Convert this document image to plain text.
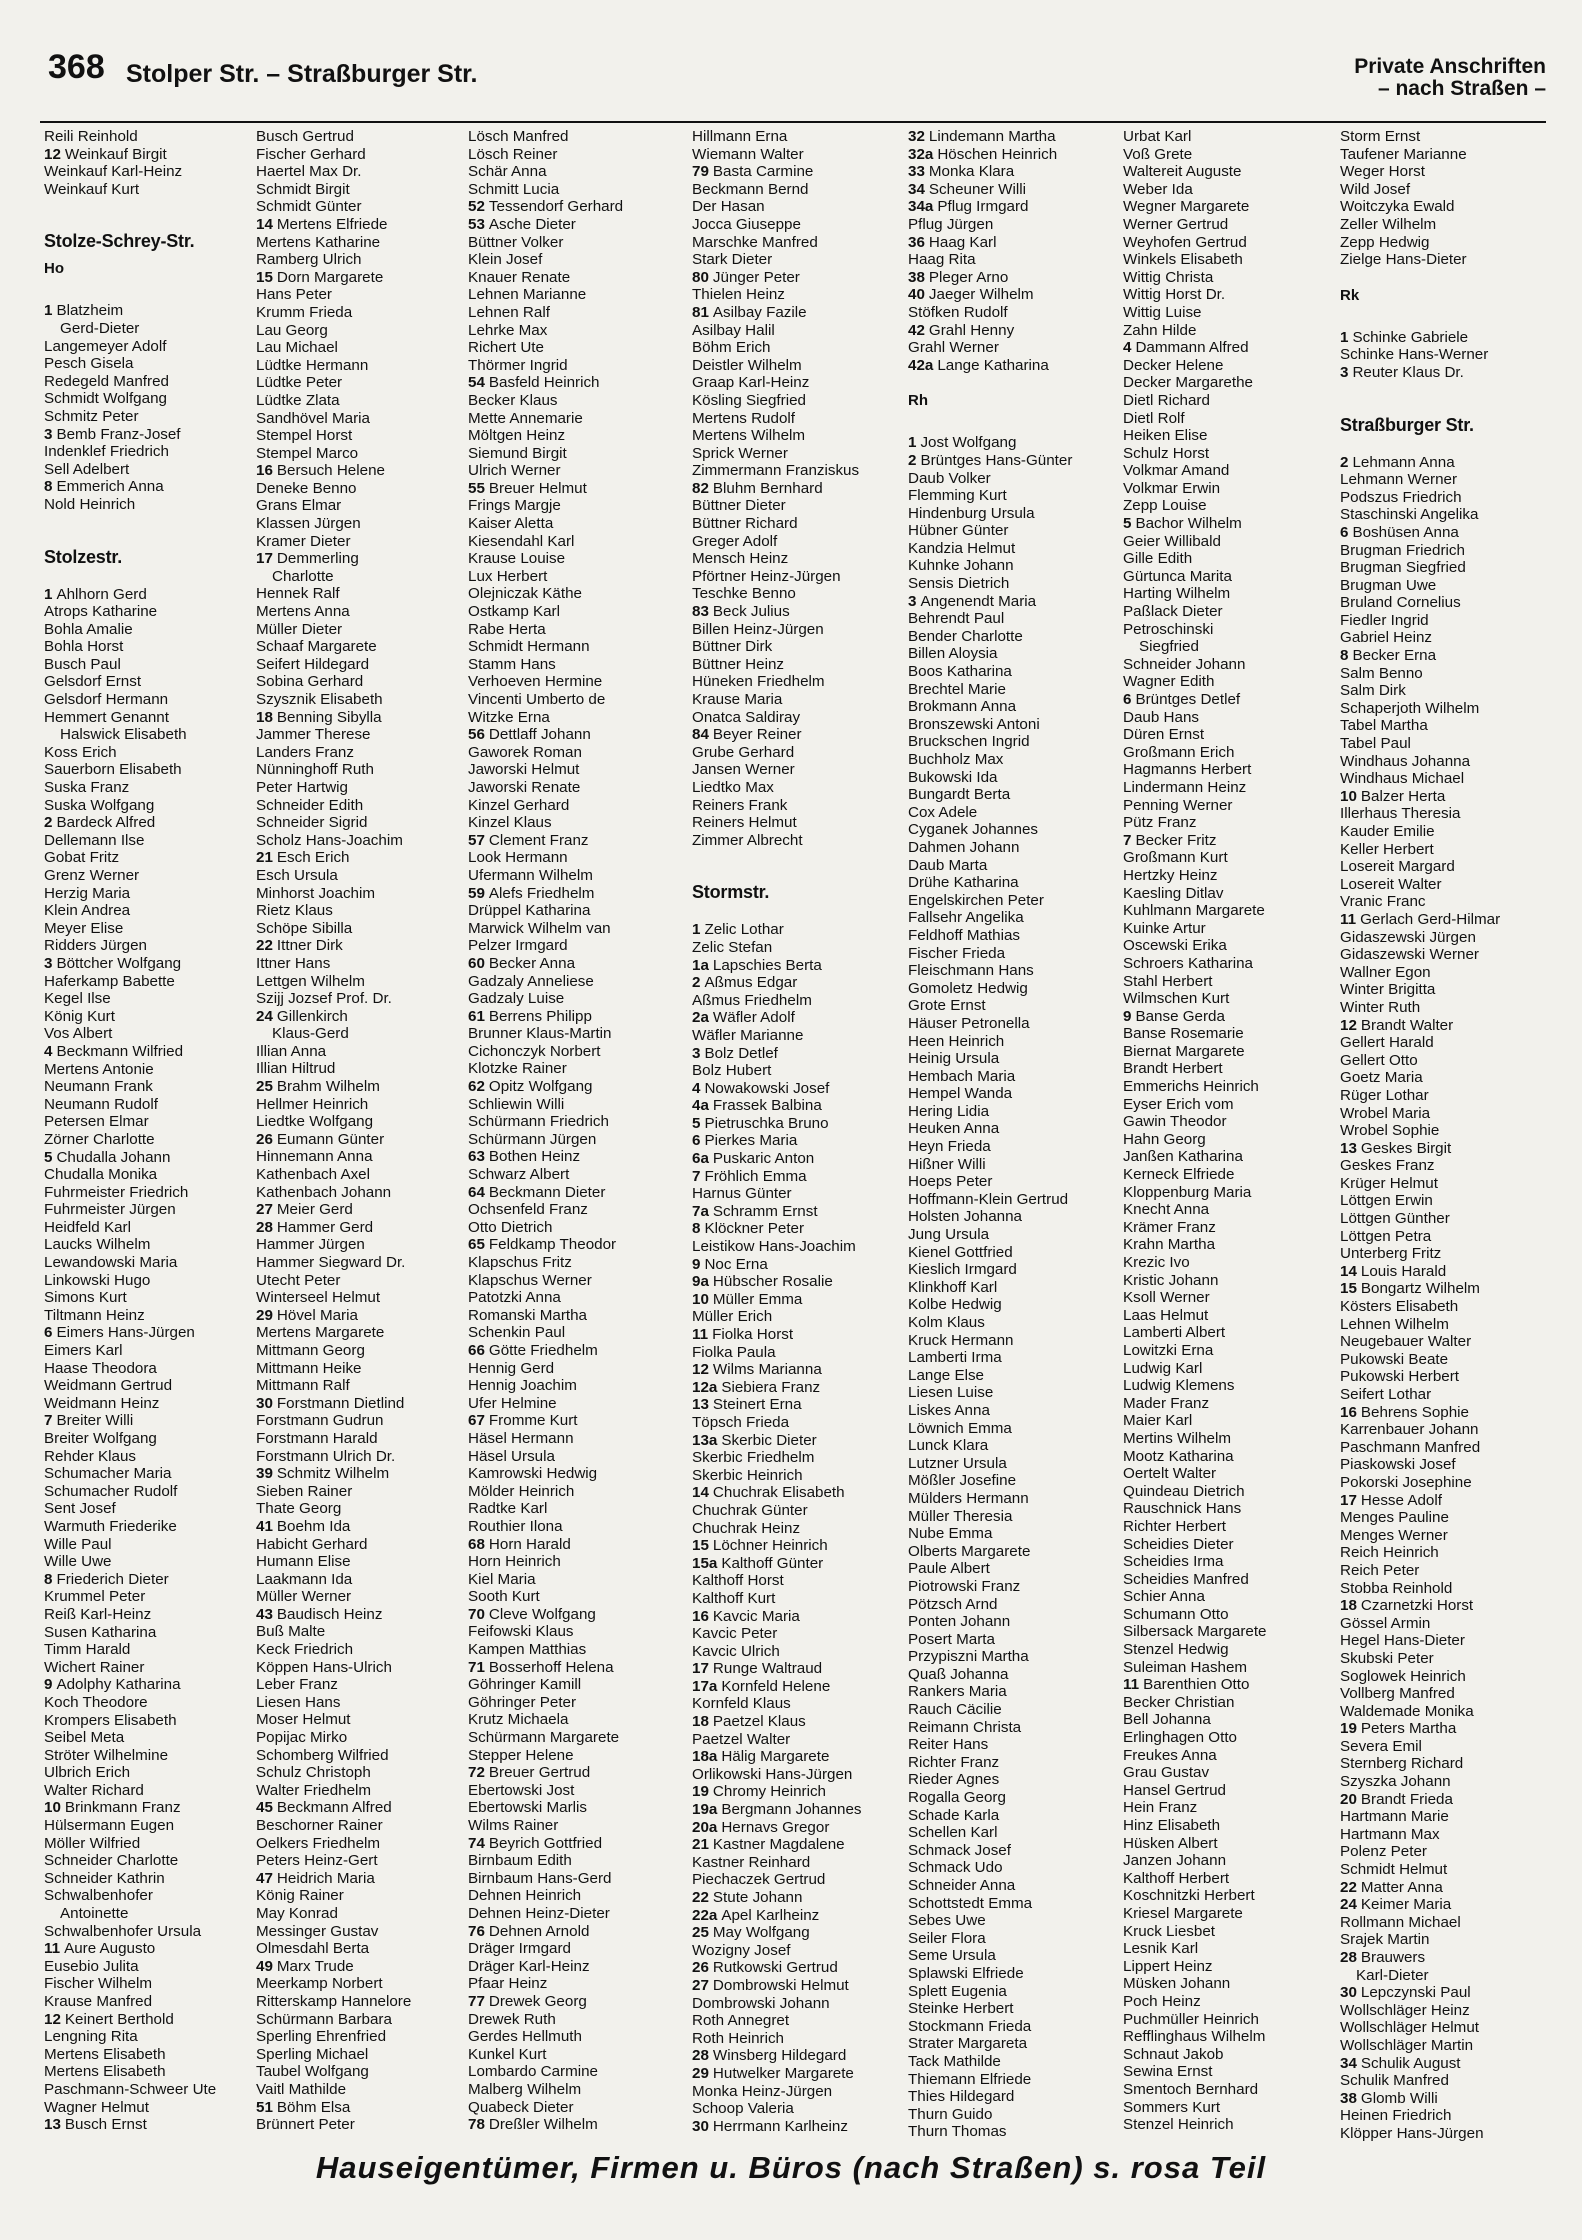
368 Stolper Str. – Straßburger Str.	Private Anschriften
– nach Straßen –
Reili Reinhold
12 Weinkauf Birgit
Weinkauf Karl-Heinz
Weinkauf Kurt
Stolze-Schrey-Str.
Ho
1 Blatzheim
Gerd-Dieter
Langemeyer Adolf
Pesch Gisela
Redegeld Manfred
Schmidt Wolfgang
Schmitz Peter
3 Bemb Franz-Josef
Indenklef Friedrich
Sell Adelbert
8 Emmerich Anna
Nold Heinrich
Stolzestr.
1 Ahlhorn Gerd
Atrops Katharine
Bohla Amalie
Bohla Horst
Busch Paul
Gelsdorf Ernst
Gelsdorf Hermann
Hemmert Genannt
Halswick Elisabeth
Koss Erich
Sauerborn Elisabeth
Suska Franz
Suska Wolfgang
2 Bardeck Alfred
Dellemann Ilse
Gobat Fritz
Grenz Werner
Herzig Maria
Klein Andrea
Meyer Elise
Ridders Jürgen
3 Böttcher Wolfgang
Haferkamp Babette
Kegel Ilse
König Kurt
Vos Albert
4 Beckmann Wilfried
Mertens Antonie
Neumann Frank
Neumann Rudolf
Petersen Elmar
Zörner Charlotte
5 Chudalla Johann
Chudalla Monika
Fuhrmeister Friedrich
Fuhrmeister Jürgen
Heidfeld Karl
Laucks Wilhelm
Lewandowski Maria
Linkowski Hugo
Simons Kurt
Tiltmann Heinz
6 Eimers Hans-Jürgen
Eimers Karl
Haase Theodora
Weidmann Gertrud
Weidmann Heinz
7 Breiter Willi
Breiter Wolfgang
Rehder Klaus
Schumacher Maria
Schumacher Rudolf
Sent Josef
Warmuth Friederike
Wille Paul
Wille Uwe
8 Friederich Dieter
Krummel Peter
Reiß Karl-Heinz
Susen Katharina
Timm Harald
Wichert Rainer
9 Adolphy Katharina
Koch Theodore
Krompers Elisabeth
Seibel Meta
Ströter Wilhelmine
Ulbrich Erich
Walter Richard
10 Brinkmann Franz
Hülsermann Eugen
Möller Wilfried
Schneider Charlotte
Schneider Kathrin
Schwalbenhofer
Antoinette
Schwalbenhofer Ursula
11 Aure Augusto
Eusebio Julita
Fischer Wilhelm
Krause Manfred
12 Keinert Berthold
Lengning Rita
Mertens Elisabeth
Mertens Elisabeth
Paschmann-Schweer Ute
Wagner Helmut
13 Busch Ernst
Busch Gertrud
Fischer Gerhard
Haertel Max Dr.
Schmidt Birgit
Schmidt Günter
14 Mertens Elfriede
Mertens Katharine
Ramberg Ulrich
15 Dorn Margarete
Hans Peter
Krumm Frieda
Lau Georg
Lau Michael
Lüdtke Hermann
Lüdtke Peter
Lüdtke Zlata
Sandhövel Maria
Stempel Horst
Stempel Marco
16 Bersuch Helene
Deneke Benno
Grans Elmar
Klassen Jürgen
Kramer Dieter
17 Demmerling
Charlotte
Hennek Ralf
Mertens Anna
Müller Dieter
Schaaf Margarete
Seifert Hildegard
Sobina Gerhard
Szysznik Elisabeth
18 Benning Sibylla
Jammer Therese
Landers Franz
Nünninghoff Ruth
Peter Hartwig
Schneider Edith
Schneider Sigrid
Scholz Hans-Joachim
21 Esch Erich
Esch Ursula
Minhorst Joachim
Rietz Klaus
Schöpe Sibilla
22 Ittner Dirk
Ittner Hans
Lettgen Wilhelm
Szijj Jozsef Prof. Dr.
24 Gillenkirch
Klaus-Gerd
Illian Anna
Illian Hiltrud
25 Brahm Wilhelm
Hellmer Heinrich
Liedtke Wolfgang
26 Eumann Günter
Hinnemann Anna
Kathenbach Axel
Kathenbach Johann
27 Meier Gerd
28 Hammer Gerd
Hammer Jürgen
Hammer Siegward Dr.
Utecht Peter
Winterseel Helmut
29 Hövel Maria
Mertens Margarete
Mittmann Georg
Mittmann Heike
Mittmann Ralf
30 Forstmann Dietlind
Forstmann Gudrun
Forstmann Harald
Forstmann Ulrich Dr.
39 Schmitz Wilhelm
Sieben Rainer
Thate Georg
41 Boehm Ida
Habicht Gerhard
Humann Elise
Laakmann Ida
Müller Werner
43 Baudisch Heinz
Buß Malte
Keck Friedrich
Köppen Hans-Ulrich
Leber Franz
Liesen Hans
Moser Helmut
Popijac Mirko
Schomberg Wilfried
Schulz Christoph
Walter Friedhelm
45 Beckmann Alfred
Beschorner Rainer
Oelkers Friedhelm
Peters Heinz-Gert
47 Heidrich Maria
König Rainer
May Konrad
Messinger Gustav
Olmesdahl Berta
49 Marx Trude
Meerkamp Norbert
Ritterskamp Hannelore
Schürmann Barbara
Sperling Ehrenfried
Sperling Michael
Taubel Wolfgang
Vaitl Mathilde
51 Böhm Elsa
Brünnert Peter
Lösch Manfred
Lösch Reiner
Schär Anna
Schmitt Lucia
52 Tessendorf Gerhard
53 Asche Dieter
Büttner Volker
Klein Josef
Knauer Renate
Lehnen Marianne
Lehnen Ralf
Lehrke Max
Richert Ute
Thörmer Ingrid
54 Basfeld Heinrich
Becker Klaus
Mette Annemarie
Möltgen Heinz
Siemund Birgit
Ulrich Werner
55 Breuer Helmut
Frings Margje
Kaiser Aletta
Kiesendahl Karl
Krause Louise
Lux Herbert
Olejniczak Käthe
Ostkamp Karl
Rabe Herta
Schmidt Hermann
Stamm Hans
Verhoeven Hermine
Vincenti Umberto de
Witzke Erna
56 Dettlaff Johann
Gaworek Roman
Jaworski Helmut
Jaworski Renate
Kinzel Gerhard
Kinzel Klaus
57 Clement Franz
Look Hermann
Ufermann Wilhelm
59 Alefs Friedhelm
Drüppel Katharina
Marwick Wilhelm van
Pelzer Irmgard
60 Becker Anna
Gadzaly Anneliese
Gadzaly Luise
61 Berrens Philipp
Brunner Klaus-Martin
Cichonczyk Norbert
Klotzke Rainer
62 Opitz Wolfgang
Schliewin Willi
Schürmann Friedrich
Schürmann Jürgen
63 Bothen Heinz
Schwarz Albert
64 Beckmann Dieter
Ochsenfeld Franz
Otto Dietrich
65 Feldkamp Theodor
Klapschus Fritz
Klapschus Werner
Patotzki Anna
Romanski Martha
Schenkin Paul
66 Götte Friedhelm
Hennig Gerd
Hennig Joachim
Ufer Helmine
67 Fromme Kurt
Häsel Hermann
Häsel Ursula
Kamrowski Hedwig
Mölder Heinrich
Radtke Karl
Routhier Ilona
68 Horn Harald
Horn Heinrich
Kiel Maria
Sooth Kurt
70 Cleve Wolfgang
Feifowski Klaus
Kampen Matthias
71 Bosserhoff Helena
Göhringer Kamill
Göhringer Peter
Krutz Michaela
Schürmann Margarete
Stepper Helene
72 Breuer Gertrud
Ebertowski Jost
Ebertowski Marlis
Wilms Rainer
74 Beyrich Gottfried
Birnbaum Edith
Birnbaum Hans-Gerd
Dehnen Heinrich
Dehnen Heinz-Dieter
76 Dehnen Arnold
Dräger Irmgard
Dräger Karl-Heinz
Pfaar Heinz
77 Drewek Georg
Drewek Ruth
Gerdes Hellmuth
Kunkel Kurt
Lombardo Carmine
Malberg Wilhelm
Quabeck Dieter
78 Dreßler Wilhelm
Hillmann Erna
Wiemann Walter
79 Basta Carmine
Beckmann Bernd
Der Hasan
Jocca Giuseppe
Marschke Manfred
Stark Dieter
80 Jünger Peter
Thielen Heinz
81 Asilbay Fazile
Asilbay Halil
Böhm Erich
Deistler Wilhelm
Graap Karl-Heinz
Kösling Siegfried
Mertens Rudolf
Mertens Wilhelm
Sprick Werner
Zimmermann Franziskus
82 Bluhm Bernhard
Büttner Dieter
Büttner Richard
Greger Adolf
Mensch Heinz
Pförtner Heinz-Jürgen
Teschke Benno
83 Beck Julius
Billen Heinz-Jürgen
Büttner Dirk
Büttner Heinz
Hüneken Friedhelm
Krause Maria
Onatca Saldiray
84 Beyer Reiner
Grube Gerhard
Jansen Werner
Liedtko Max
Reiners Frank
Reiners Helmut
Zimmer Albrecht
Stormstr.
1 Zelic Lothar
Zelic Stefan
1a Lapschies Berta
2 Aßmus Edgar
Aßmus Friedhelm
2a Wäfler Adolf
Wäfler Marianne
3 Bolz Detlef
Bolz Hubert
4 Nowakowski Josef
4a Frassek Balbina
5 Pietruschka Bruno
6 Pierkes Maria
6a Puskaric Anton
7 Fröhlich Emma
Harnus Günter
7a Schramm Ernst
8 Klöckner Peter
Leistikow Hans-Joachim
9 Noc Erna
9a Hübscher Rosalie
10 Müller Emma
Müller Erich
11 Fiolka Horst
Fiolka Paula
12 Wilms Marianna
12a Siebiera Franz
13 Steinert Erna
Töpsch Frieda
13a Skerbic Dieter
Skerbic Friedhelm
Skerbic Heinrich
14 Chuchrak Elisabeth
Chuchrak Günter
Chuchrak Heinz
15 Löchner Heinrich
15a Kalthoff Günter
Kalthoff Horst
Kalthoff Kurt
16 Kavcic Maria
Kavcic Peter
Kavcic Ulrich
17 Runge Waltraud
17a Kornfeld Helene
Kornfeld Klaus
18 Paetzel Klaus
Paetzel Walter
18a Hälig Margarete
Orlikowski Hans-Jürgen
19 Chromy Heinrich
19a Bergmann Johannes
20a Hernavs Gregor
21 Kastner Magdalene
Kastner Reinhard
Piechaczek Gertrud
22 Stute Johann
22a Apel Karlheinz
25 May Wolfgang
Wozigny Josef
26 Rutkowski Gertrud
27 Dombrowski Helmut
Dombrowski Johann
Roth Annegret
Roth Heinrich
28 Winsberg Hildegard
29 Hutwelker Margarete
Monka Heinz-Jürgen
Schoop Valeria
30 Herrmann Karlheinz
32 Lindemann Martha
32a Höschen Heinrich
33 Monka Klara
34 Scheuner Willi
34a Pflug Irmgard
Pflug Jürgen
36 Haag Karl
Haag Rita
38 Pleger Arno
40 Jaeger Wilhelm
Stöfken Rudolf
42 Grahl Henny
Grahl Werner
42a Lange Katharina
Rh
1 Jost Wolfgang
2 Brüntges Hans-Günter
Daub Volker
Flemming Kurt
Hindenburg Ursula
Hübner Günter
Kandzia Helmut
Kuhnke Johann
Sensis Dietrich
3 Angenendt Maria
Behrendt Paul
Bender Charlotte
Billen Aloysia
Boos Katharina
Brechtel Marie
Brokmann Anna
Bronszewski Antoni
Bruckschen Ingrid
Buchholz Max
Bukowski Ida
Bungardt Berta
Cox Adele
Cyganek Johannes
Dahmen Johann
Daub Marta
Drühe Katharina
Engelskirchen Peter
Fallsehr Angelika
Feldhoff Mathias
Fischer Frieda
Fleischmann Hans
Gomoletz Hedwig
Grote Ernst
Häuser Petronella
Heen Heinrich
Heinig Ursula
Hembach Maria
Hempel Wanda
Hering Lidia
Heuken Anna
Heyn Frieda
Hißner Willi
Hoeps Peter
Hoffmann-Klein Gertrud
Holsten Johanna
Jung Ursula
Kienel Gottfried
Kieslich Irmgard
Klinkhoff Karl
Kolbe Hedwig
Kolm Klaus
Kruck Hermann
Lamberti Irma
Lange Else
Liesen Luise
Liskes Anna
Löwnich Emma
Lunck Klara
Lutzner Ursula
Mößler Josefine
Mülders Hermann
Müller Theresia
Nube Emma
Olberts Margarete
Paule Albert
Piotrowski Franz
Pötzsch Arnd
Ponten Johann
Posert Marta
Przypiszni Martha
Quaß Johanna
Rankers Maria
Rauch Cäcilie
Reimann Christa
Reiter Hans
Richter Franz
Rieder Agnes
Rogalla Georg
Schade Karla
Schellen Karl
Schmack Josef
Schmack Udo
Schneider Anna
Schottstedt Emma
Sebes Uwe
Seiler Flora
Seme Ursula
Splawski Elfriede
Splett Eugenia
Steinke Herbert
Stockmann Frieda
Strater Margareta
Tack Mathilde
Thiemann Elfriede
Thies Hildegard
Thurn Guido
Thurn Thomas
Urbat Karl
Voß Grete
Waltereit Auguste
Weber Ida
Wegner Margarete
Werner Gertrud
Weyhofen Gertrud
Winkels Elisabeth
Wittig Christa
Wittig Horst Dr.
Wittig Luise
Zahn Hilde
4 Dammann Alfred
Decker Helene
Decker Margarethe
Dietl Richard
Dietl Rolf
Heiken Elise
Schulz Horst
Volkmar Amand
Volkmar Erwin
Zepp Louise
5 Bachor Wilhelm
Geier Willibald
Gille Edith
Gürtunca Marita
Harting Wilhelm
Paßlack Dieter
Petroschinski
Siegfried
Schneider Johann
Wagner Edith
6 Brüntges Detlef
Daub Hans
Düren Ernst
Großmann Erich
Hagmanns Herbert
Lindermann Heinz
Penning Werner
Pütz Franz
7 Becker Fritz
Großmann Kurt
Hertzky Heinz
Kaesling Ditlav
Kuhlmann Margarete
Kuinke Artur
Oscewski Erika
Schroers Katharina
Stahl Herbert
Wilmschen Kurt
9 Banse Gerda
Banse Rosemarie
Biernat Margarete
Brandt Herbert
Emmerichs Heinrich
Eyser Erich vom
Gawin Theodor
Hahn Georg
Janßen Katharina
Kerneck Elfriede
Kloppenburg Maria
Knecht Anna
Krämer Franz
Krahn Martha
Krezic Ivo
Kristic Johann
Ksoll Werner
Laas Helmut
Lamberti Albert
Lowitzki Erna
Ludwig Karl
Ludwig Klemens
Mader Franz
Maier Karl
Mertins Wilhelm
Mootz Katharina
Oertelt Walter
Quindeau Dietrich
Rauschnick Hans
Richter Herbert
Scheidies Dieter
Scheidies Irma
Scheidies Manfred
Schier Anna
Schumann Otto
Silbersack Margarete
Stenzel Hedwig
Suleiman Hashem
11 Barenthien Otto
Becker Christian
Bell Johanna
Erlinghagen Otto
Freukes Anna
Grau Gustav
Hansel Gertrud
Hein Franz
Hinz Elisabeth
Hüsken Albert
Janzen Johann
Kalthoff Herbert
Koschnitzki Herbert
Kriesel Margarete
Kruck Liesbet
Lesnik Karl
Lippert Heinz
Müsken Johann
Poch Heinz
Puchmüller Heinrich
Refflinghaus Wilhelm
Schnaut Jakob
Sewina Ernst
Smentoch Bernhard
Sommers Kurt
Stenzel Heinrich
Storm Ernst
Taufener Marianne
Weger Horst
Wild Josef
Woitczyka Ewald
Zeller Wilhelm
Zepp Hedwig
Zielge Hans-Dieter
Rk
1 Schinke Gabriele
Schinke Hans-Werner
3 Reuter Klaus Dr.
Straßburger Str.
2 Lehmann Anna
Lehmann Werner
Podszus Friedrich
Staschinski Angelika
6 Boshüsen Anna
Brugman Friedrich
Brugman Siegfried
Brugman Uwe
Bruland Cornelius
Fiedler Ingrid
Gabriel Heinz
8 Becker Erna
Salm Benno
Salm Dirk
Schaperjoth Wilhelm
Tabel Martha
Tabel Paul
Windhaus Johanna
Windhaus Michael
10 Balzer Herta
Illerhaus Theresia
Kauder Emilie
Keller Herbert
Losereit Margard
Losereit Walter
Vranic Franc
11 Gerlach Gerd-Hilmar
Gidaszewski Jürgen
Gidaszewski Werner
Wallner Egon
Winter Brigitta
Winter Ruth
12 Brandt Walter
Gellert Harald
Gellert Otto
Goetz Maria
Rüger Lothar
Wrobel Maria
Wrobel Sophie
13 Geskes Birgit
Geskes Franz
Krüger Helmut
Löttgen Erwin
Löttgen Günther
Löttgen Petra
Unterberg Fritz
14 Louis Harald
15 Bongartz Wilhelm
Kösters Elisabeth
Lehnen Wilhelm
Neugebauer Walter
Pukowski Beate
Pukowski Herbert
Seifert Lothar
16 Behrens Sophie
Karrenbauer Johann
Paschmann Manfred
Piaskowski Josef
Pokorski Josephine
17 Hesse Adolf
Menges Pauline
Menges Werner
Reich Heinrich
Reich Peter
Stobba Reinhold
18 Czarnetzki Horst
Gössel Armin
Hegel Hans-Dieter
Skubski Peter
Soglowek Heinrich
Vollberg Manfred
Waldemade Monika
19 Peters Martha
Severa Emil
Sternberg Richard
Szyszka Johann
20 Brandt Frieda
Hartmann Marie
Hartmann Max
Polenz Peter
Schmidt Helmut
22 Matter Anna
24 Keimer Maria
Rollmann Michael
Srajek Martin
28 Brauwers
Karl-Dieter
30 Lepczynski Paul
Wollschläger Heinz
Wollschläger Helmut
Wollschläger Martin
34 Schulik August
Schulik Manfred
38 Glomb Willi
Heinen Friedrich
Klöpper Hans-Jürgen
Hauseigentümer, Firmen u. Büros (nach Straßen) s. rosa Teil
